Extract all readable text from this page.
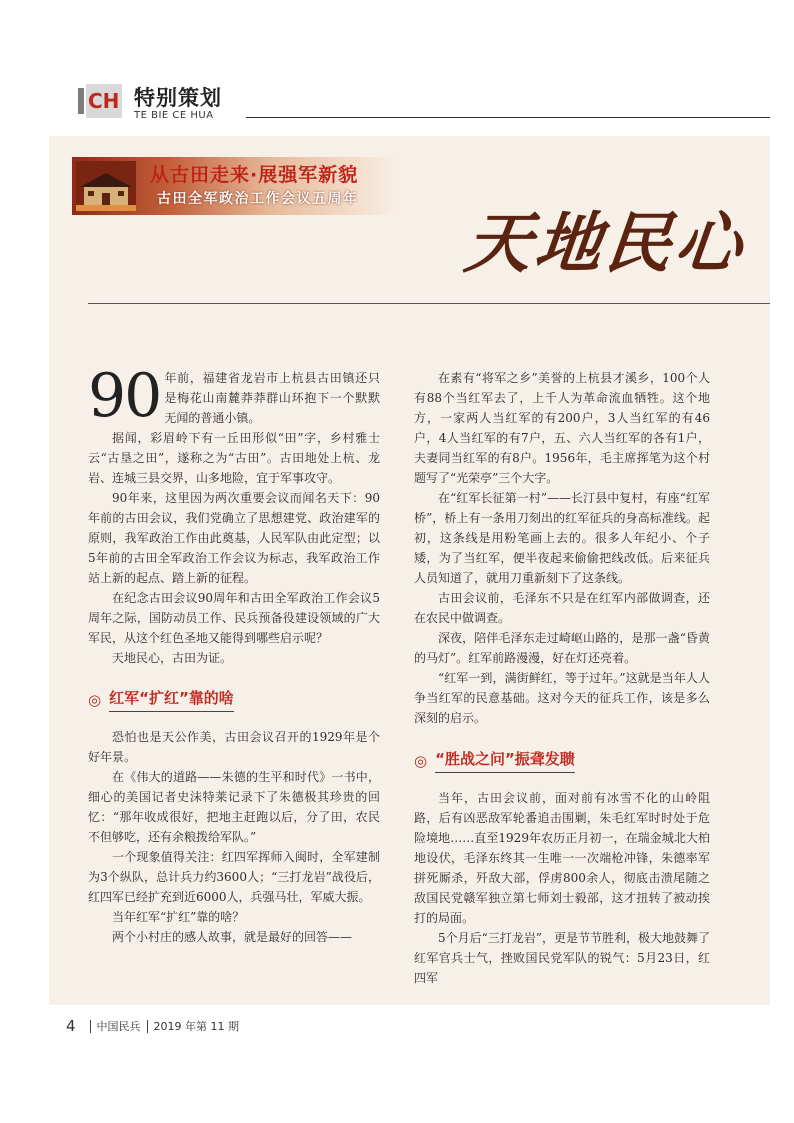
CH 特别策划
TE BIE CE HUA
从古田走来·展强军新貌
古田全军政治工作会议五周年
天地民心

90 年前，福建省龙岩市上杭县古田镇还只是梅花山南麓莽莽群山环抱下一个默默无闻的普通小镇。

据闻，彩眉岭下有一丘田形似“田”字，乡村雅士云“古垦之田”，遂称之为“古田”。古田地处上杭、龙岩、连城三县交界，山多地险，宜于军事攻守。

90年来，这里因为两次重要会议而闻名天下：90年前的古田会议，我们党确立了思想建党、政治建军的原则，我军政治工作由此奠基，人民军队由此定型；以5年前的古田全军政治工作会议为标志，我军政治工作站上新的起点、踏上新的征程。

在纪念古田会议90周年和古田全军政治工作会议5周年之际，国防动员工作、民兵预备役建设领域的广大军民，从这个红色圣地又能得到哪些启示呢？

天地民心，古田为证。

◎ 红军“扩红”靠的啥

恐怕也是天公作美，古田会议召开的1929年是个好年景。

在《伟大的道路——朱德的生平和时代》一书中，细心的美国记者史沫特莱记录下了朱德极其珍贵的回忆：“那年收成很好，把地主赶跑以后，分了田，农民不但够吃，还有余粮拨给军队。”

一个现象值得关注：红四军挥师入闽时，全军建制为3个纵队，总计兵力约3600人；“三打龙岩”战役后，红四军已经扩充到近6000人，兵强马壮，军威大振。

当年红军“扩红”靠的啥？

两个小村庄的感人故事，就是最好的回答——

在素有“将军之乡”美誉的上杭县才溪乡，100个人有88个当红军去了，上千人为革命流血牺牲。这个地方，一家两人当红军的有200户，3人当红军的有46户，4人当红军的有7户，五、六人当红军的各有1户，夫妻同当红军的有8户。1956年，毛主席挥笔为这个村题写了“光荣亭”三个大字。

在“红军长征第一村”——长汀县中复村，有座“红军桥”，桥上有一条用刀刻出的红军征兵的身高标准线。起初，这条线是用粉笔画上去的。很多人年纪小、个子矮，为了当红军，便半夜起来偷偷把线改低。后来征兵人员知道了，就用刀重新刻下了这条线。

古田会议前，毛泽东不只是在红军内部做调查，还在农民中做调查。

深夜，陪伴毛泽东走过崎岖山路的，是那一盏“昏黄的马灯”。红军前路漫漫，好在灯还亮着。

“红军一到，满街鲜红，等于过年。”这就是当年人人争当红军的民意基础。这对今天的征兵工作，该是多么深刻的启示。

◎ “胜战之问”振聋发聩

当年，古田会议前，面对前有冰雪不化的山岭阻路，后有凶恶敌军轮番追击围剿，朱毛红军时时处于危险境地……直至1929年农历正月初一，在瑞金城北大柏地设伏，毛泽东终其一生唯一一次端枪冲锋，朱德率军拼死厮杀，歼敌大部，俘虏800余人，彻底击溃尾随之敌国民党赣军独立第七师刘士毅部，这才扭转了被动挨打的局面。

5个月后“三打龙岩”，更是节节胜利，极大地鼓舞了红军官兵士气，挫败国民党军队的锐气：5月23日，红四军

4 中国民兵 2019 年第 11 期
